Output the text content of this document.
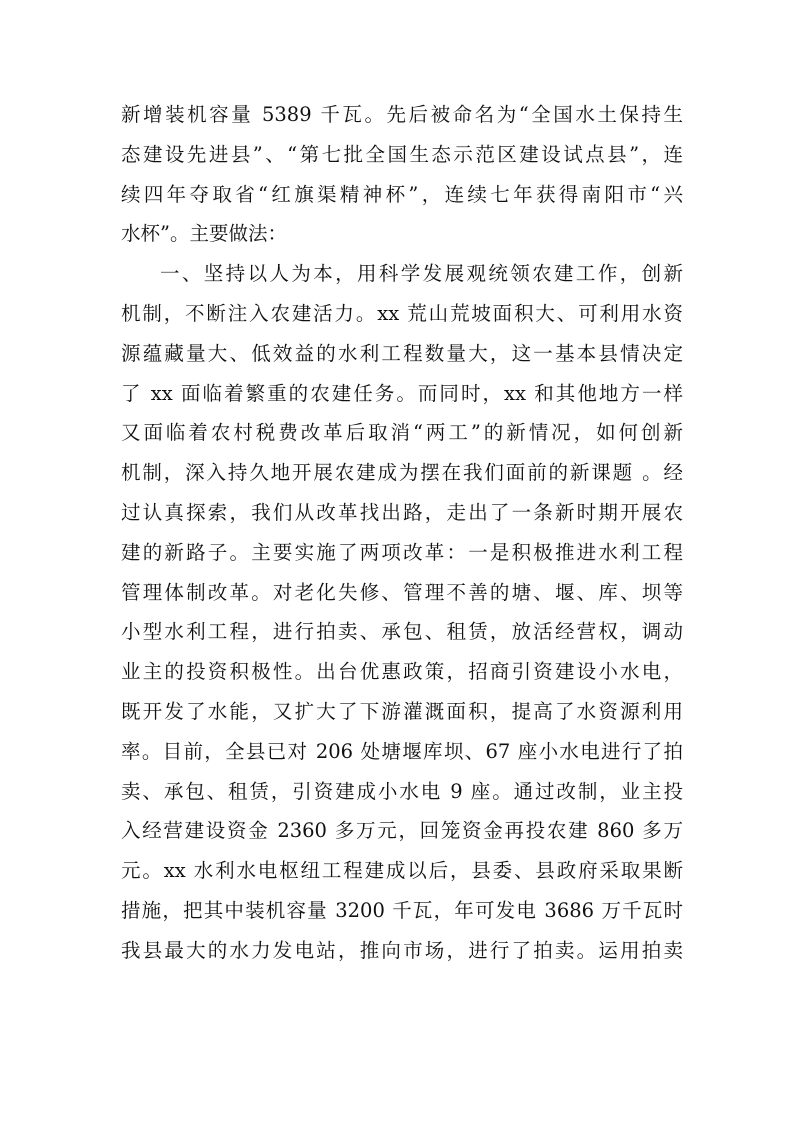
新增装机容量 5389 千瓦。先后被命名为“全国水土保持生
态建设先进县”、“第七批全国生态示范区建设试点县”，连
续四年夺取省“红旗渠精神杯”，连续七年获得南阳市“兴
水杯”。主要做法：
一、坚持以人为本，用科学发展观统领农建工作，创新
机制，不断注入农建活力。xx 荒山荒坡面积大、可利用水资
源蕴藏量大、低效益的水利工程数量大，这一基本县情决定
了 xx 面临着繁重的农建任务。而同时，xx 和其他地方一样
又面临着农村税费改革后取消“两工”的新情况，如何创新
机制，深入持久地开展农建成为摆在我们面前的新课题 。经
过认真探索，我们从改革找出路，走出了一条新时期开展农
建的新路子。主要实施了两项改革：一是积极推进水利工程
管理体制改革。对老化失修、管理不善的塘、堰、库、坝等
小型水利工程，进行拍卖、承包、租赁，放活经营权，调动
业主的投资积极性。出台优惠政策，招商引资建设小水电，
既开发了水能，又扩大了下游灌溉面积，提高了水资源利用
率。目前，全县已对 206 处塘堰库坝、67 座小水电进行了拍
卖、承包、租赁，引资建成小水电 9 座。通过改制，业主投
入经营建设资金 2360 多万元，回笼资金再投农建 860 多万
元。xx 水利水电枢纽工程建成以后，县委、县政府采取果断
措施，把其中装机容量 3200 千瓦，年可发电 3686 万千瓦时
我县最大的水力发电站，推向市场，进行了拍卖。运用拍卖
